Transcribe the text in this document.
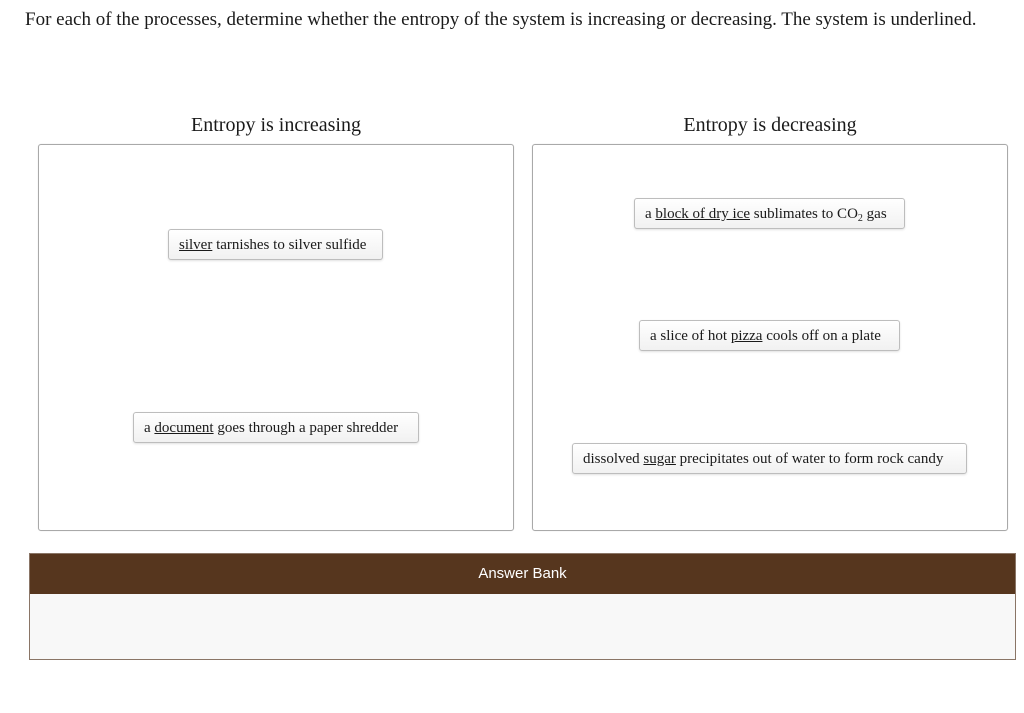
For each of the processes, determine whether the entropy of the system is increasing or decreasing. The system is underlined.
Entropy is increasing	Entropy is decreasing
silver tarnishes to silver sulfide
a document goes through a paper shredder
a block of dry ice sublimates to $CO_2$ gas
a slice of hot pizza cools off on a plate
dissolved sugar precipitates out of water to form rock candy
Answer Bank
